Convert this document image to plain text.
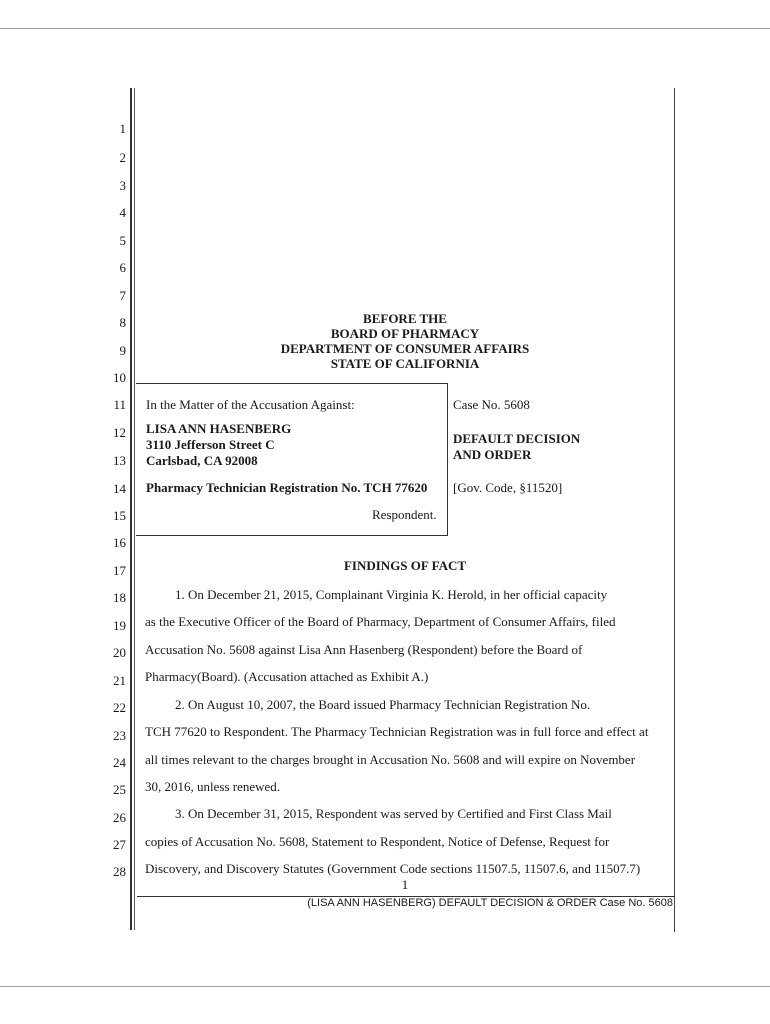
1
2
3
4
5
6
7
8
9
10
11
12
13
14
15
16
17
18
19
20
21
22
23
24
25
26
27
28
BEFORE THE
BOARD OF PHARMACY
DEPARTMENT OF CONSUMER AFFAIRS
STATE OF CALIFORNIA
In the Matter of the Accusation Against:
LISA ANN HASENBERG
3110 Jefferson Street C
Carlsbad, CA 92008
Pharmacy Technician Registration No. TCH 77620
Respondent.
Case No. 5608
DEFAULT DECISION
AND ORDER
[Gov. Code, §11520]
FINDINGS OF FACT
1. On December 21, 2015, Complainant Virginia K. Herold, in her official capacity
as the Executive Officer of the Board of Pharmacy, Department of Consumer Affairs, filed
Accusation No. 5608 against Lisa Ann Hasenberg (Respondent) before the Board of
Pharmacy(Board). (Accusation attached as Exhibit A.)
2. On August 10, 2007, the Board issued Pharmacy Technician Registration No.
TCH 77620 to Respondent. The Pharmacy Technician Registration was in full force and effect at
all times relevant to the charges brought in Accusation No. 5608 and will expire on November
30, 2016, unless renewed.
3. On December 31, 2015, Respondent was served by Certified and First Class Mail
copies of Accusation No. 5608, Statement to Respondent, Notice of Defense, Request for
Discovery, and Discovery Statutes (Government Code sections 11507.5, 11507.6, and 11507.7)
1
(LISA ANN HASENBERG) DEFAULT DECISION & ORDER Case No. 5608
